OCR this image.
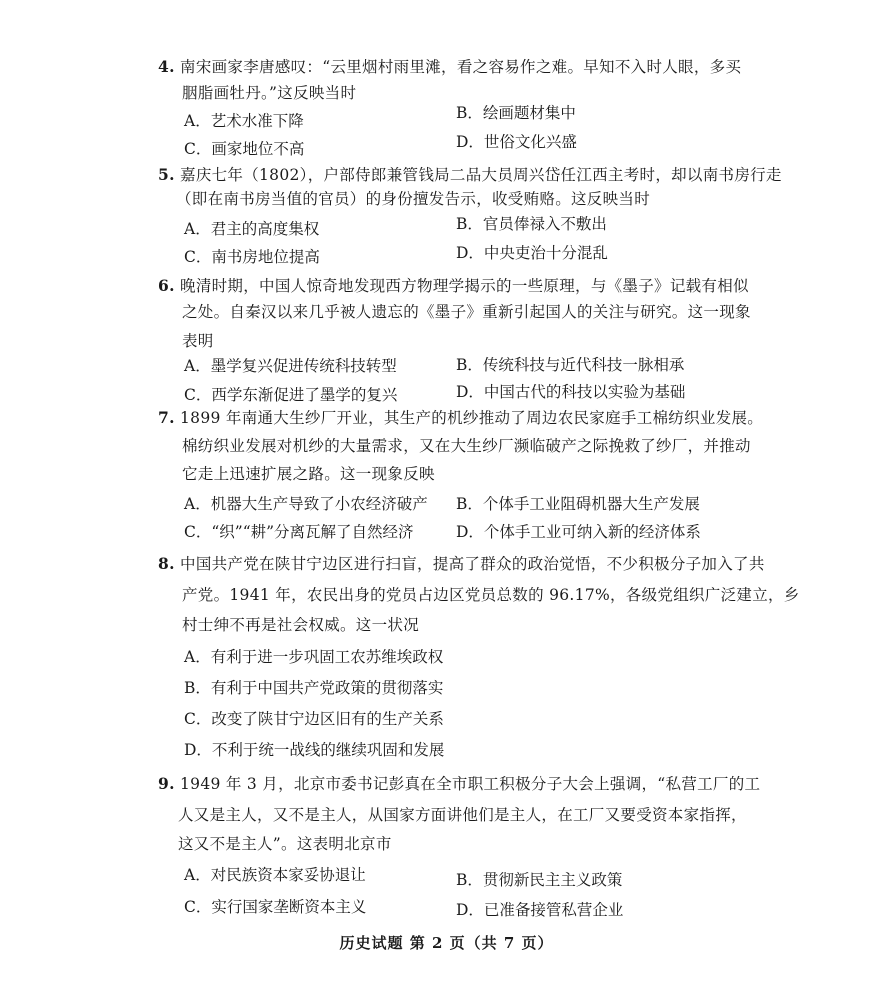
4. 南宋画家李唐感叹：“云里烟村雨里滩，看之容易作之难。早知不入时人眼，多买
胭脂画牡丹。”这反映当时
A．艺术水准下降	B．绘画题材集中
C．画家地位不高	D．世俗文化兴盛
5. 嘉庆七年（1802），户部侍郎兼管钱局二品大员周兴岱任江西主考时，却以南书房行走
（即在南书房当值的官员）的身份擅发告示，收受贿赂。这反映当时
A．君主的高度集权	B．官员俸禄入不敷出
C．南书房地位提高	D．中央吏治十分混乱
6. 晚清时期，中国人惊奇地发现西方物理学揭示的一些原理，与《墨子》记载有相似
之处。自秦汉以来几乎被人遗忘的《墨子》重新引起国人的关注与研究。这一现象
表明
A．墨学复兴促进传统科技转型	B．传统科技与近代科技一脉相承
C．西学东渐促进了墨学的复兴	D．中国古代的科技以实验为基础
7. 1899 年南通大生纱厂开业，其生产的机纱推动了周边农民家庭手工棉纺织业发展。
棉纺织业发展对机纱的大量需求，又在大生纱厂濒临破产之际挽救了纱厂，并推动
它走上迅速扩展之路。这一现象反映
A．机器大生产导致了小农经济破产 B．个体手工业阻碍机器大生产发展
C．“织”“耕”分离瓦解了自然经济	D．个体手工业可纳入新的经济体系
8. 中国共产党在陕甘宁边区进行扫盲，提高了群众的政治觉悟，不少积极分子加入了共
产党。1941 年，农民出身的党员占边区党员总数的 96.17%，各级党组织广泛建立，乡
村士绅不再是社会权威。这一状况
A．有利于进一步巩固工农苏维埃政权
B．有利于中国共产党政策的贯彻落实
C．改变了陕甘宁边区旧有的生产关系
D．不利于统一战线的继续巩固和发展
9. 1949 年 3 月，北京市委书记彭真在全市职工积极分子大会上强调，“私营工厂的工
人又是主人，又不是主人，从国家方面讲他们是主人，在工厂又要受资本家指挥，
这又不是主人”。这表明北京市
A．对民族资本家妥协退让	B．贯彻新民主主义政策
C．实行国家垄断资本主义	D．已准备接管私营企业
历史试题 第 2 页（共 7 页）
